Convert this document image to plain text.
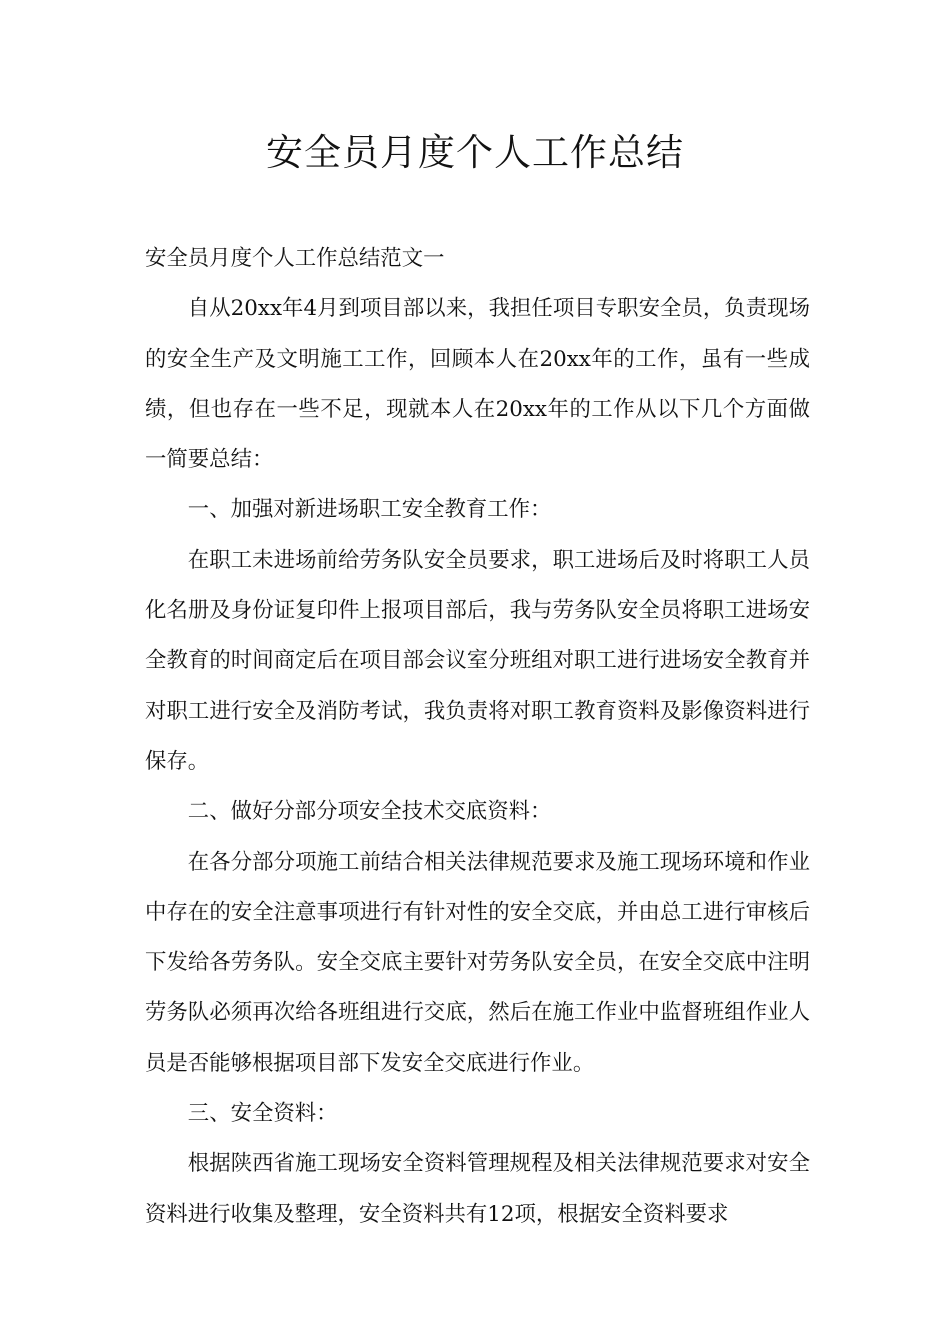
安全员月度个人工作总结

安全员月度个人工作总结范文一

自从20xx年4月到项目部以来，我担任项目专职安全员，负责现场的安全生产及文明施工工作，回顾本人在20xx年的工作，虽有一些成绩，但也存在一些不足，现就本人在20xx年的工作从以下几个方面做一简要总结：

一、加强对新进场职工安全教育工作：

在职工未进场前给劳务队安全员要求，职工进场后及时将职工人员化名册及身份证复印件上报项目部后，我与劳务队安全员将职工进场安全教育的时间商定后在项目部会议室分班组对职工进行进场安全教育并对职工进行安全及消防考试，我负责将对职工教育资料及影像资料进行保存。

二、做好分部分项安全技术交底资料：

在各分部分项施工前结合相关法律规范要求及施工现场环境和作业中存在的安全注意事项进行有针对性的安全交底，并由总工进行审核后下发给各劳务队。安全交底主要针对劳务队安全员，在安全交底中注明劳务队必须再次给各班组进行交底，然后在施工作业中监督班组作业人员是否能够根据项目部下发安全交底进行作业。

三、安全资料：

根据陕西省施工现场安全资料管理规程及相关法律规范要求对安全资料进行收集及整理，安全资料共有12项，根据安全资料要求
